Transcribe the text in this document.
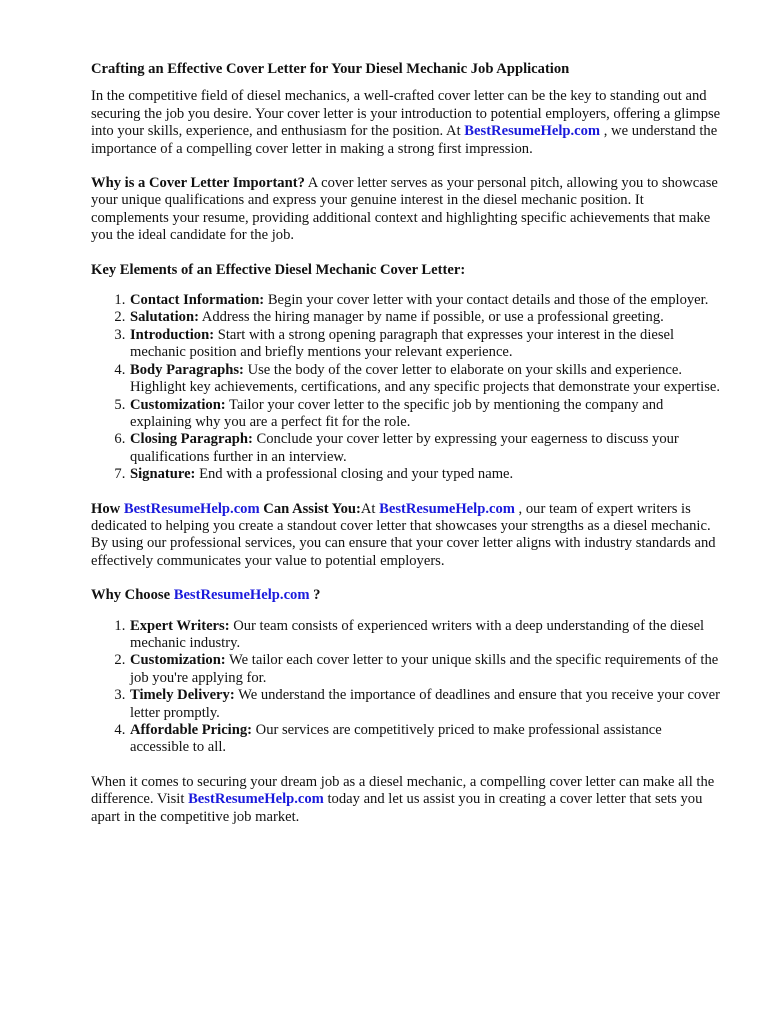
Crafting an Effective Cover Letter for Your Diesel Mechanic Job Application

In the competitive field of diesel mechanics, a well-crafted cover letter can be the key to standing out and securing the job you desire. Your cover letter is your introduction to potential employers, offering a glimpse into your skills, experience, and enthusiasm for the position. At BestResumeHelp.com , we understand the importance of a compelling cover letter in making a strong first impression.

Why is a Cover Letter Important? A cover letter serves as your personal pitch, allowing you to showcase your unique qualifications and express your genuine interest in the diesel mechanic position. It complements your resume, providing additional context and highlighting specific achievements that make you the ideal candidate for the job.

Key Elements of an Effective Diesel Mechanic Cover Letter:

1. Contact Information: Begin your cover letter with your contact details and those of the employer.
2. Salutation: Address the hiring manager by name if possible, or use a professional greeting.
3. Introduction: Start with a strong opening paragraph that expresses your interest in the diesel mechanic position and briefly mentions your relevant experience.
4. Body Paragraphs: Use the body of the cover letter to elaborate on your skills and experience. Highlight key achievements, certifications, and any specific projects that demonstrate your expertise.
5. Customization: Tailor your cover letter to the specific job by mentioning the company and explaining why you are a perfect fit for the role.
6. Closing Paragraph: Conclude your cover letter by expressing your eagerness to discuss your qualifications further in an interview.
7. Signature: End with a professional closing and your typed name.

How BestResumeHelp.com Can Assist You:At BestResumeHelp.com , our team of expert writers is dedicated to helping you create a standout cover letter that showcases your strengths as a diesel mechanic. By using our professional services, you can ensure that your cover letter aligns with industry standards and effectively communicates your value to potential employers.

Why Choose BestResumeHelp.com ?

1. Expert Writers: Our team consists of experienced writers with a deep understanding of the diesel mechanic industry.
2. Customization: We tailor each cover letter to your unique skills and the specific requirements of the job you're applying for.
3. Timely Delivery: We understand the importance of deadlines and ensure that you receive your cover letter promptly.
4. Affordable Pricing: Our services are competitively priced to make professional assistance accessible to all.

When it comes to securing your dream job as a diesel mechanic, a compelling cover letter can make all the difference. Visit BestResumeHelp.com today and let us assist you in creating a cover letter that sets you apart in the competitive job market.
